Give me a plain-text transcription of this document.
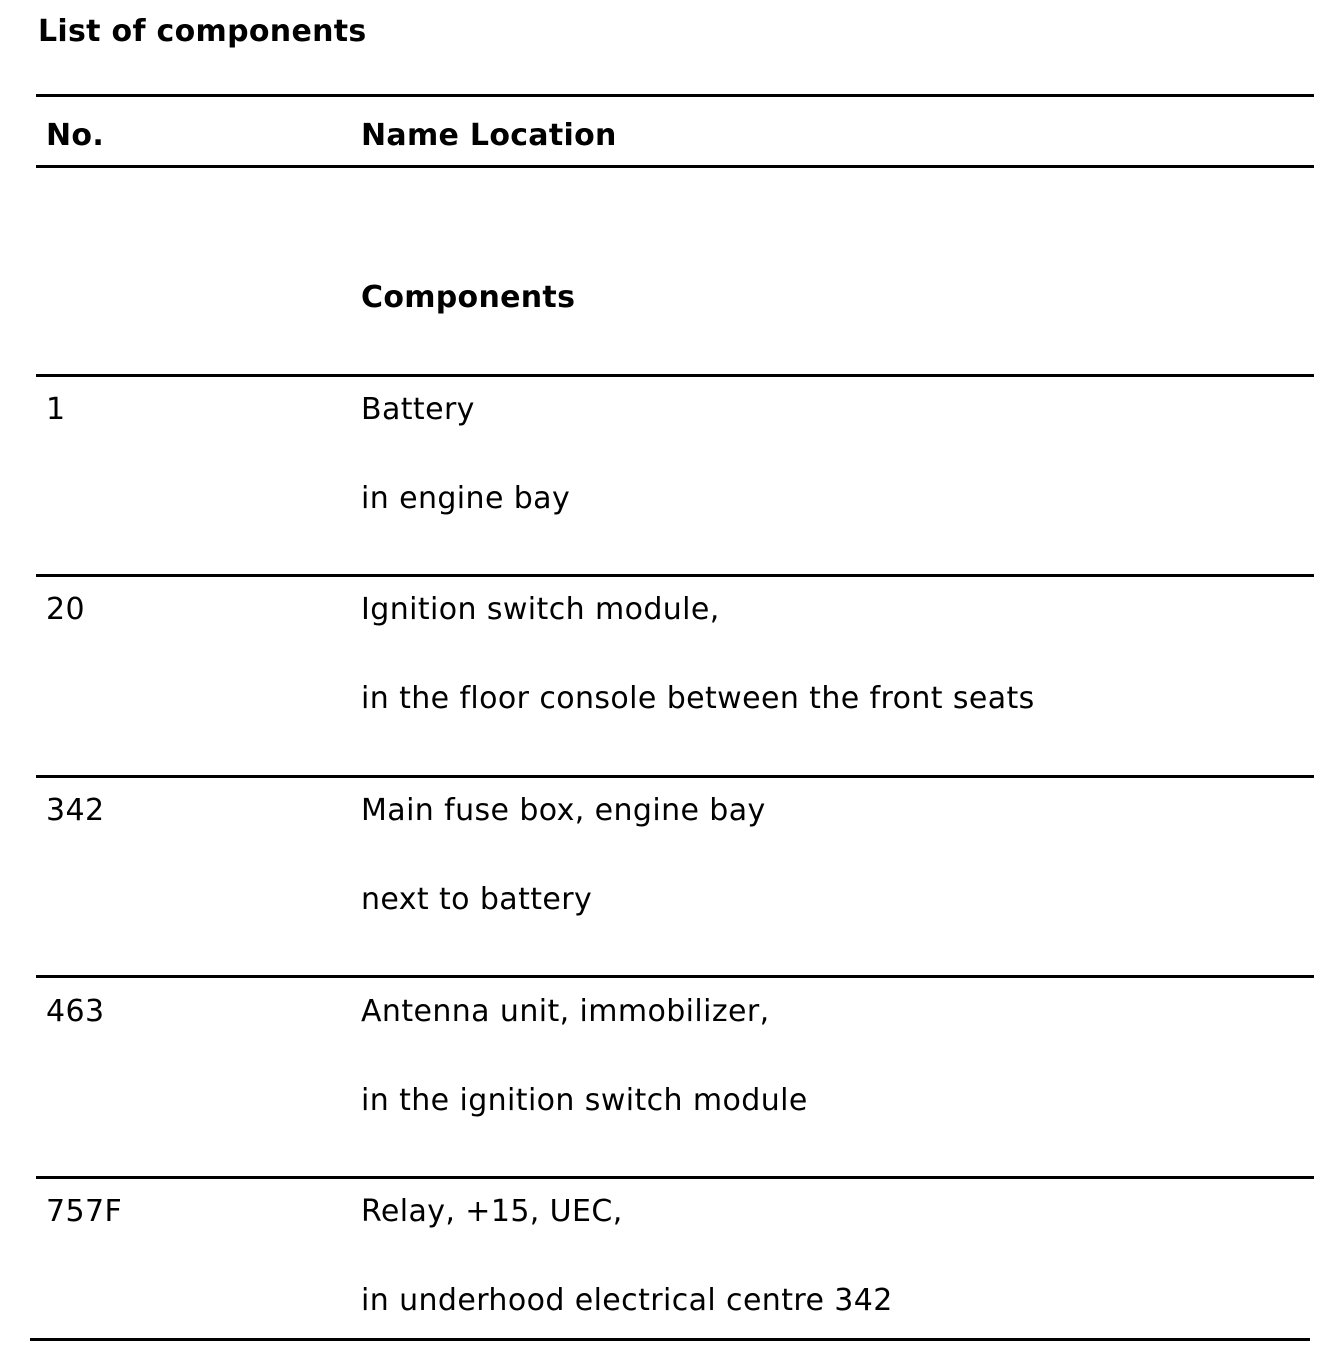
List of components
No.	Name Location
Components
1	Battery
in engine bay
20	Ignition switch module,
in the floor console between the front seats
342	Main fuse box, engine bay
next to battery
463	Antenna unit, immobilizer,
in the ignition switch module
757F	Relay, +15, UEC,
in underhood electrical centre 342
